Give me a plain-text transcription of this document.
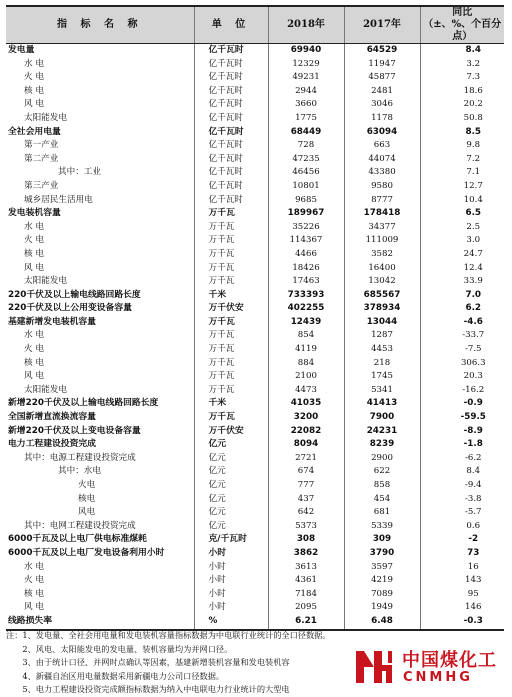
指 标 名 称	单 位	2018年	2017年	同比
（±、%、个百分点）

发电量	亿千瓦时	69940	64529	8.4
水 电	亿千瓦时	12329	11947	3.2
火 电	亿千瓦时	49231	45877	7.3
核 电	亿千瓦时	2944	2481	18.6
风 电	亿千瓦时	3660	3046	20.2
太阳能发电	亿千瓦时	1775	1178	50.8
全社会用电量	亿千瓦时	68449	63094	8.5
第一产业	亿千瓦时	728	663	9.8
第二产业	亿千瓦时	47235	44074	7.2
其中：工业	亿千瓦时	46456	43380	7.1
第三产业	亿千瓦时	10801	9580	12.7
城乡居民生活用电	亿千瓦时	9685	8777	10.4
发电装机容量	万千瓦	189967	178418	6.5
水 电	万千瓦	35226	34377	2.5
火 电	万千瓦	114367	111009	3.0
核 电	万千瓦	4466	3582	24.7
风 电	万千瓦	18426	16400	12.4
太阳能发电	万千瓦	17463	13042	33.9
220千伏及以上输电线路回路长度	千米	733393	685567	7.0
220千伏及以上公用变设备容量	万千伏安	402255	378934	6.2
基建新增发电装机容量	万千瓦	12439	13044	-4.6
水 电	万千瓦	854	1287	-33.7
火 电	万千瓦	4119	4453	-7.5
核 电	万千瓦	884	218	306.3
风 电	万千瓦	2100	1745	20.3
太阳能发电	万千瓦	4473	5341	-16.2
新增220千伏及以上输电线路回路长度	千米	41035	41413	-0.9
全国新增直流换流容量	万千瓦	3200	7900	-59.5
新增220千伏及以上变电设备容量	万千伏安	22082	24231	-8.9
电力工程建设投资完成	亿元	8094	8239	-1.8
其中：电源工程建设投资完成	亿元	2721	2900	-6.2
其中：水电	亿元	674	622	8.4
火电	亿元	777	858	-9.4
核电	亿元	437	454	-3.8
风电	亿元	642	681	-5.7
其中：电网工程建设投资完成	亿元	5373	5339	0.6
6000千瓦及以上电厂供电标准煤耗	克/千瓦时	308	309	-2
6000千瓦及以上电厂发电设备利用小时	小时	3862	3790	73
水 电	小时	3613	3597	16
火 电	小时	4361	4219	143
核 电	小时	7184	7089	95
风 电	小时	2095	1949	146
线路损失率	%	6.21	6.48	-0.3
注：1、发电量、全社会用电量和发电装机容量指标数据为中电联行业统计的全口径数据。
　　2、风电、太阳能发电的发电量、装机容量均为并网口径。
　　3、由于统计口径、并网时点确认等因素，基建新增装机容量和发电装机容
　　4、新疆自治区用电量数据采用新疆电力公司口径数据。
　　5、电力工程建设投资完成额指标数据为纳入中电联电力行业统计的大型电
中国煤化工
CNMHG
